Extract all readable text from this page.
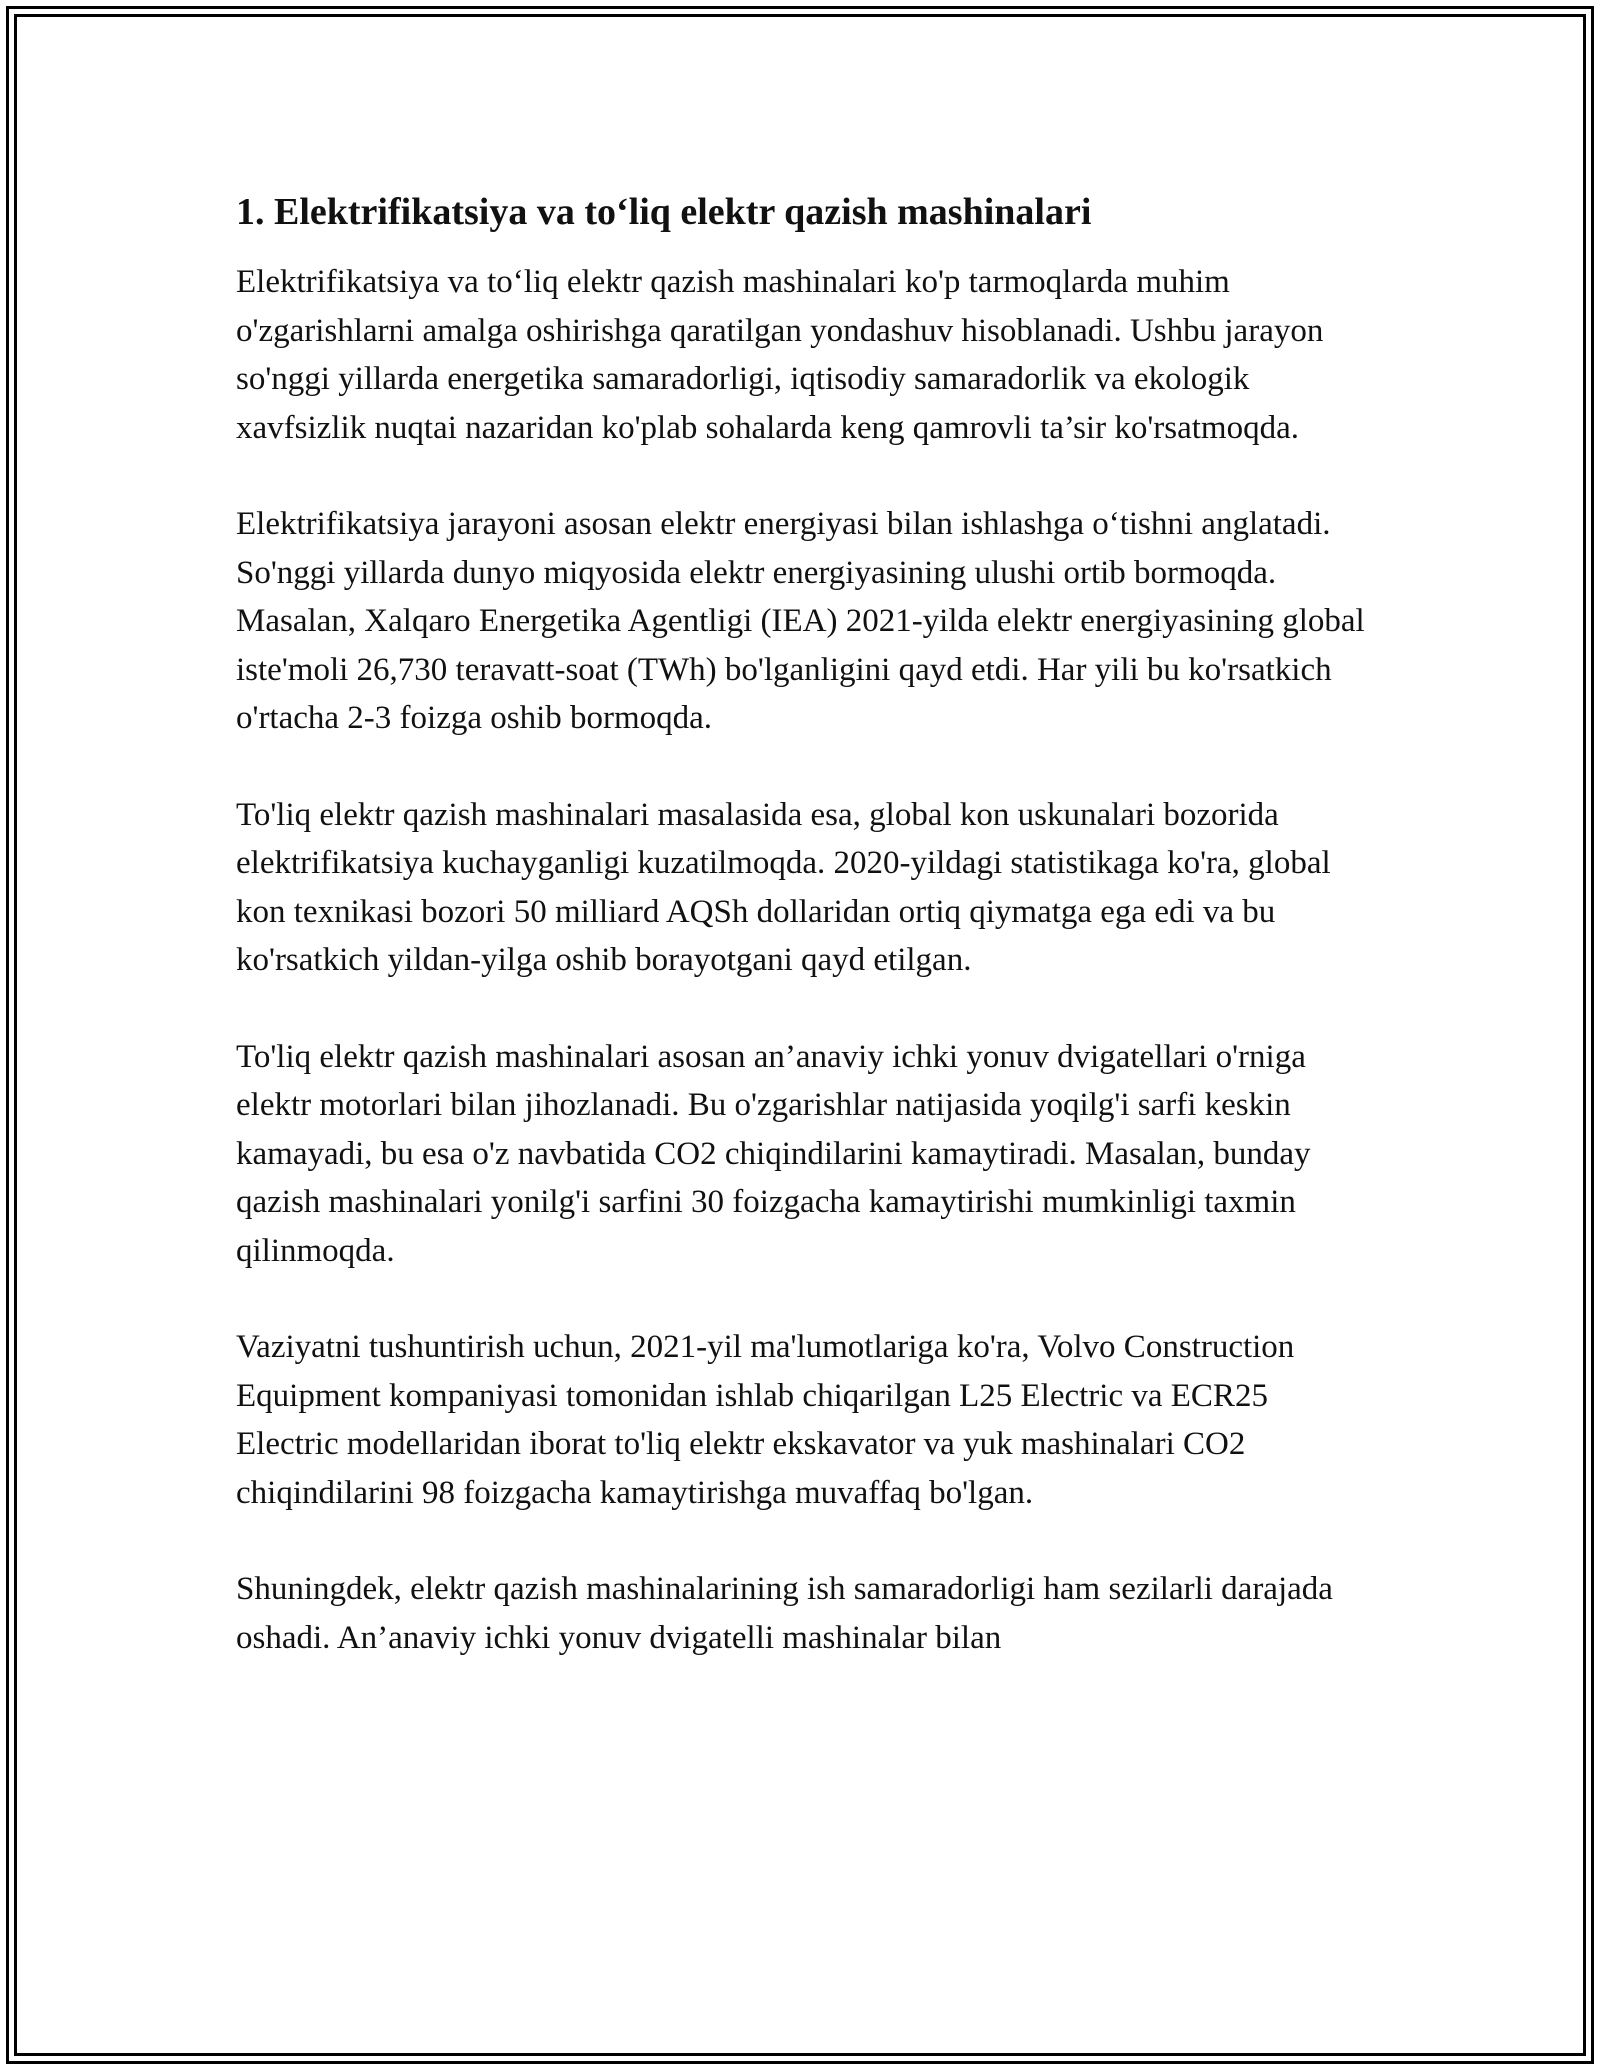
1. Elektrifikatsiya va to‘liq elektr qazish mashinalari

Elektrifikatsiya va to‘liq elektr qazish mashinalari ko'p tarmoqlarda muhim o'zgarishlarni amalga oshirishga qaratilgan yondashuv hisoblanadi. Ushbu jarayon so'nggi yillarda energetika samaradorligi, iqtisodiy samaradorlik va ekologik xavfsizlik nuqtai nazaridan ko'plab sohalarda keng qamrovli ta’sir ko'rsatmoqda.

Elektrifikatsiya jarayoni asosan elektr energiyasi bilan ishlashga o‘tishni anglatadi. So'nggi yillarda dunyo miqyosida elektr energiyasining ulushi ortib bormoqda. Masalan, Xalqaro Energetika Agentligi (IEA) 2021-yilda elektr energiyasining global iste'moli 26,730 teravatt-soat (TWh) bo'lganligini qayd etdi. Har yili bu ko'rsatkich o'rtacha 2-3 foizga oshib bormoqda.

To'liq elektr qazish mashinalari masalasida esa, global kon uskunalari bozorida elektrifikatsiya kuchayganligi kuzatilmoqda. 2020-yildagi statistikaga ko'ra, global kon texnikasi bozori 50 milliard AQSh dollaridan ortiq qiymatga ega edi va bu ko'rsatkich yildan-yilga oshib borayotgani qayd etilgan.

To'liq elektr qazish mashinalari asosan an’anaviy ichki yonuv dvigatellari o'rniga elektr motorlari bilan jihozlanadi. Bu o'zgarishlar natijasida yoqilg'i sarfi keskin kamayadi, bu esa o'z navbatida CO2 chiqindilarini kamaytiradi. Masalan, bunday qazish mashinalari yonilg'i sarfini 30 foizgacha kamaytirishi mumkinligi taxmin qilinmoqda.

Vaziyatni tushuntirish uchun, 2021-yil ma'lumotlariga ko'ra, Volvo Construction Equipment kompaniyasi tomonidan ishlab chiqarilgan L25 Electric va ECR25 Electric modellaridan iborat to'liq elektr ekskavator va yuk mashinalari CO2 chiqindilarini 98 foizgacha kamaytirishga muvaffaq bo'lgan.

Shuningdek, elektr qazish mashinalarining ish samaradorligi ham sezilarli darajada oshadi. An’anaviy ichki yonuv dvigatelli mashinalar bilan
